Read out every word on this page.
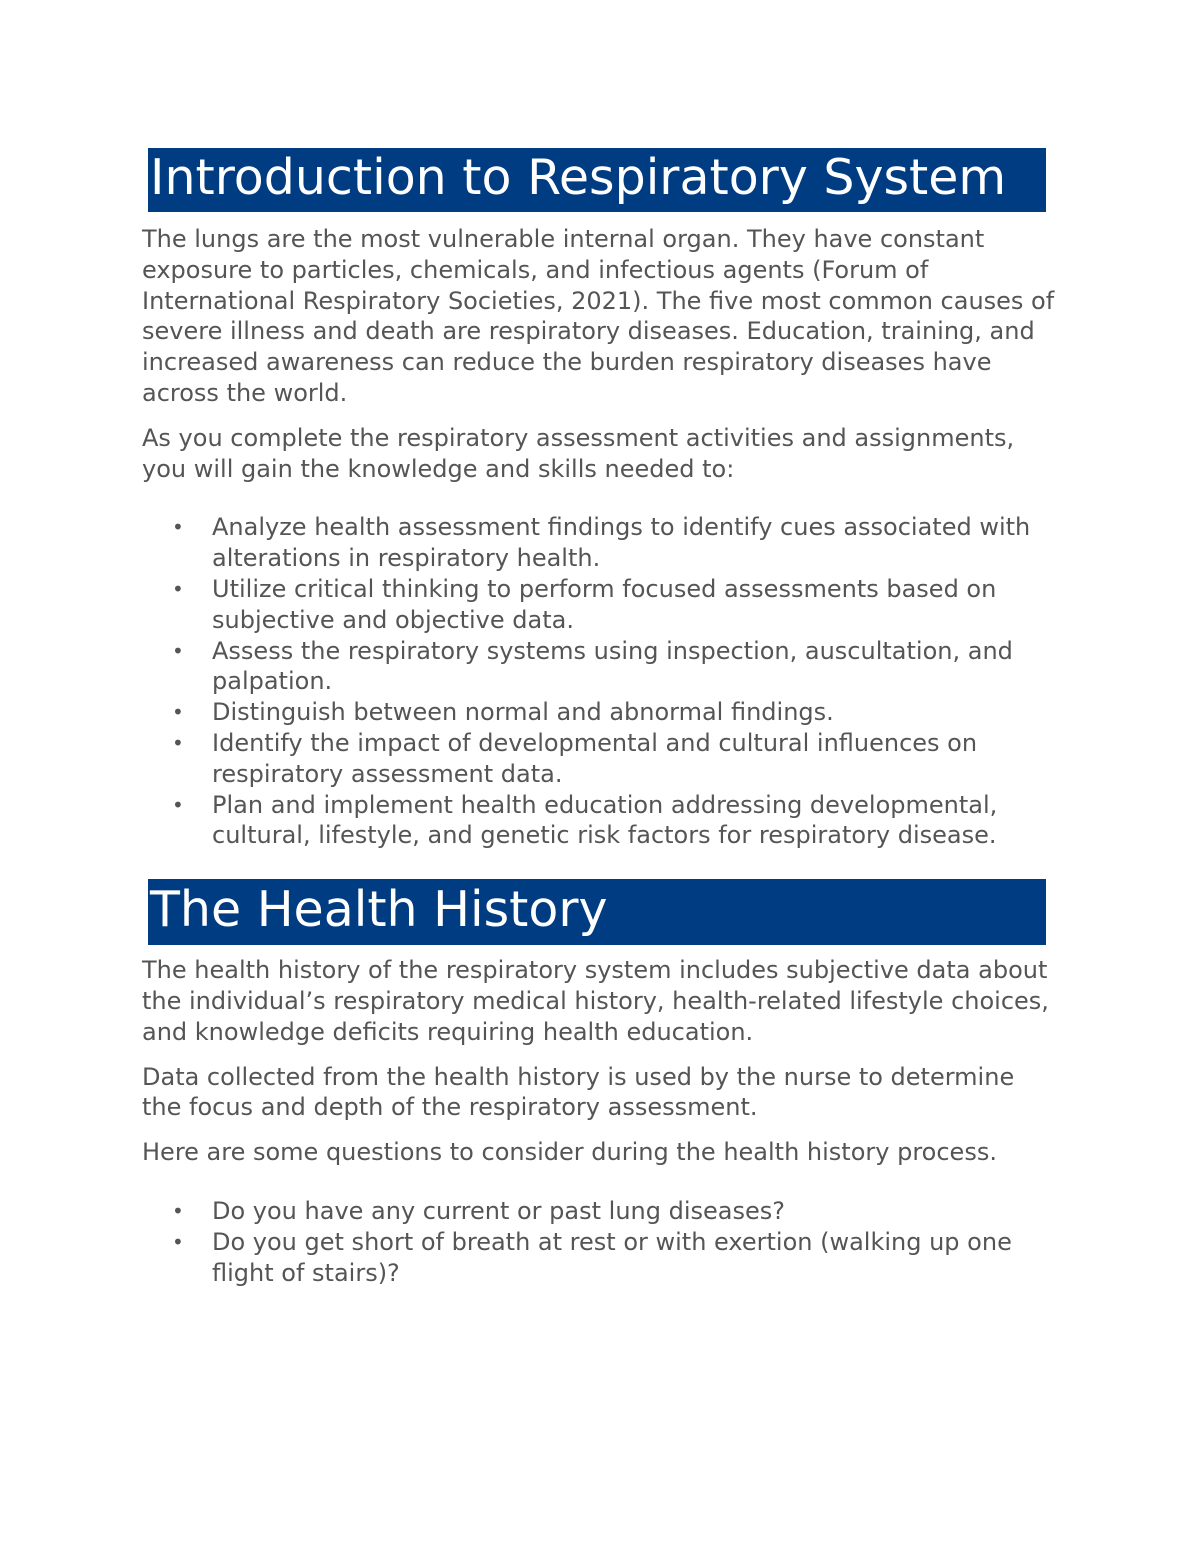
Introduction to Respiratory System

The lungs are the most vulnerable internal organ. They have constant exposure to particles, chemicals, and infectious agents (Forum of International Respiratory Societies, 2021). The five most common causes of severe illness and death are respiratory diseases. Education, training, and increased awareness can reduce the burden respiratory diseases have across the world.

As you complete the respiratory assessment activities and assignments, you will gain the knowledge and skills needed to:

• Analyze health assessment findings to identify cues associated with alterations in respiratory health.
• Utilize critical thinking to perform focused assessments based on subjective and objective data.
• Assess the respiratory systems using inspection, auscultation, and palpation.
• Distinguish between normal and abnormal findings.
• Identify the impact of developmental and cultural influences on respiratory assessment data.
• Plan and implement health education addressing developmental, cultural, lifestyle, and genetic risk factors for respiratory disease.
The Health History

The health history of the respiratory system includes subjective data about the individual’s respiratory medical history, health-related lifestyle choices, and knowledge deficits requiring health education.

Data collected from the health history is used by the nurse to determine the focus and depth of the respiratory assessment.

Here are some questions to consider during the health history process.

• Do you have any current or past lung diseases?
• Do you get short of breath at rest or with exertion (walking up one flight of stairs)?
